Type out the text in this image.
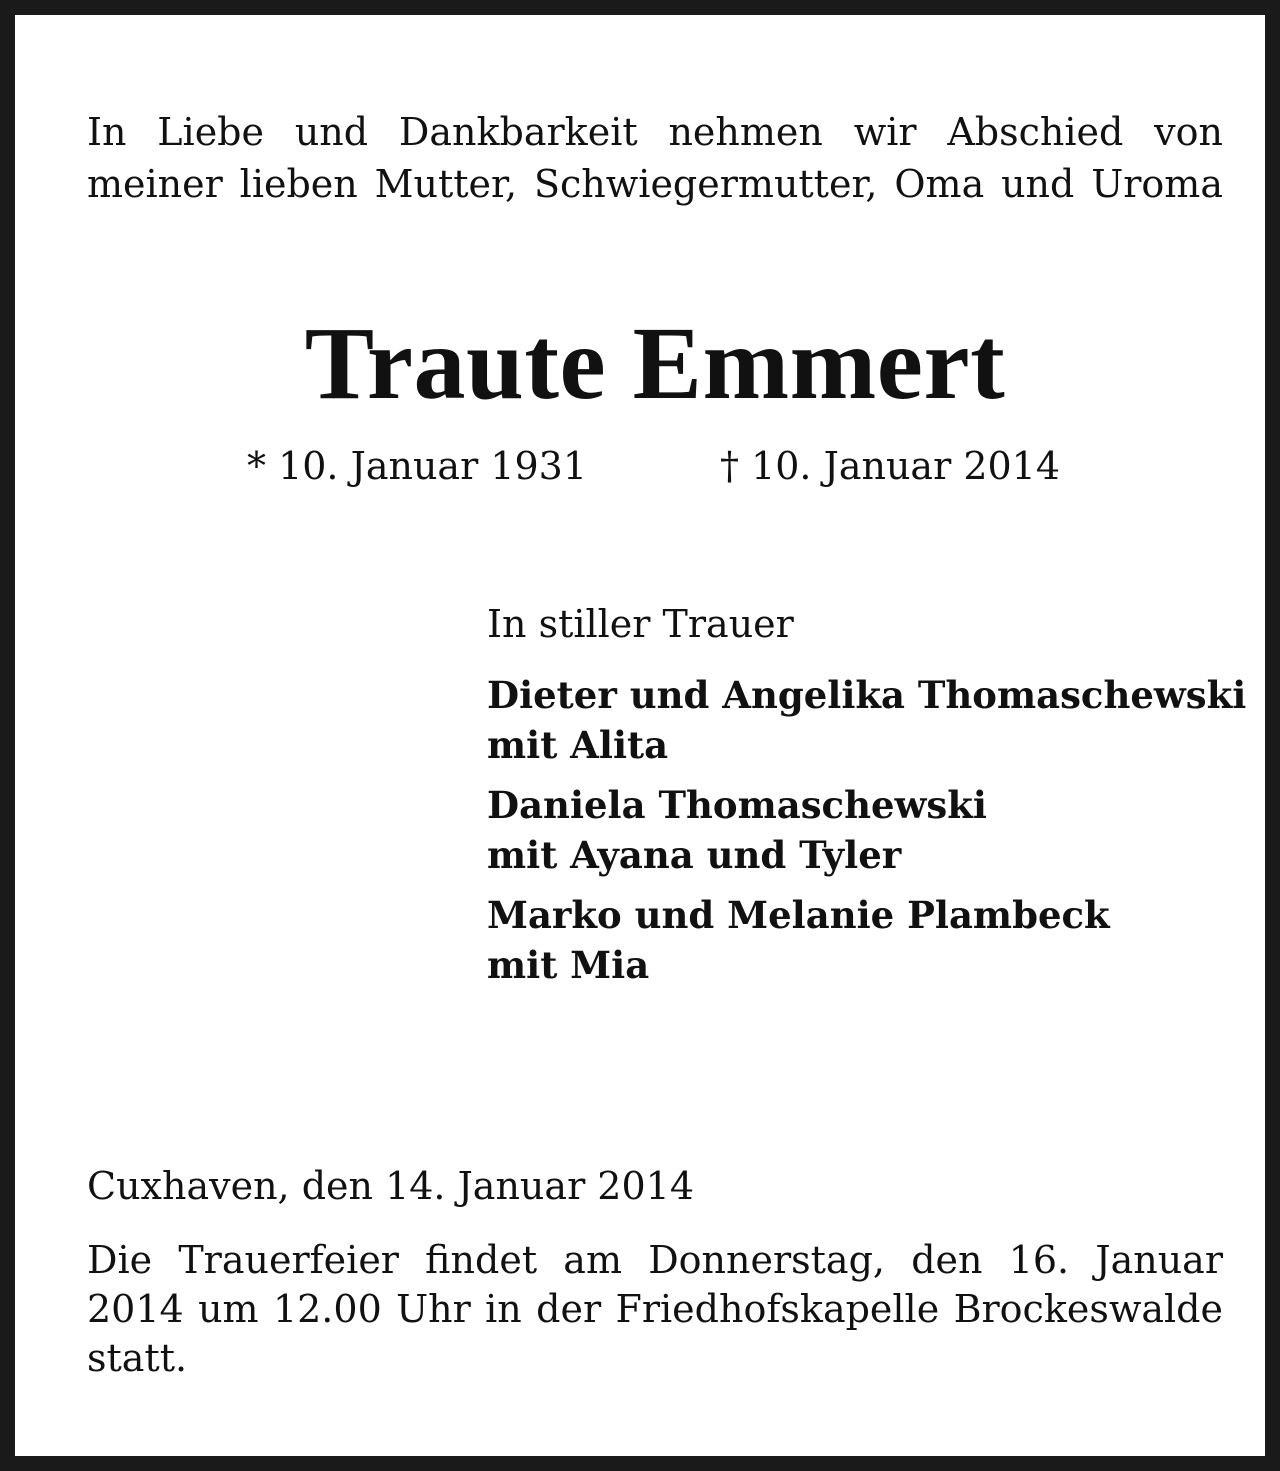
In Liebe und Dankbarkeit nehmen wir Abschied von

meiner lieben Mutter, Schwiegermutter, Oma und Uroma

Traute Emmert

* 10. Januar 1931	† 10. Januar 2014

In stiller Trauer

Dieter und Angelika Thomaschewski
mit Alita
Daniela Thomaschewski
mit Ayana und Tyler
Marko und Melanie Plambeck
mit Mia

Cuxhaven, den 14. Januar 2014

Die Trauerfeier findet am Donnerstag, den 16. Januar

2014 um 12.00 Uhr in der Friedhofskapelle Brockeswalde

statt.
